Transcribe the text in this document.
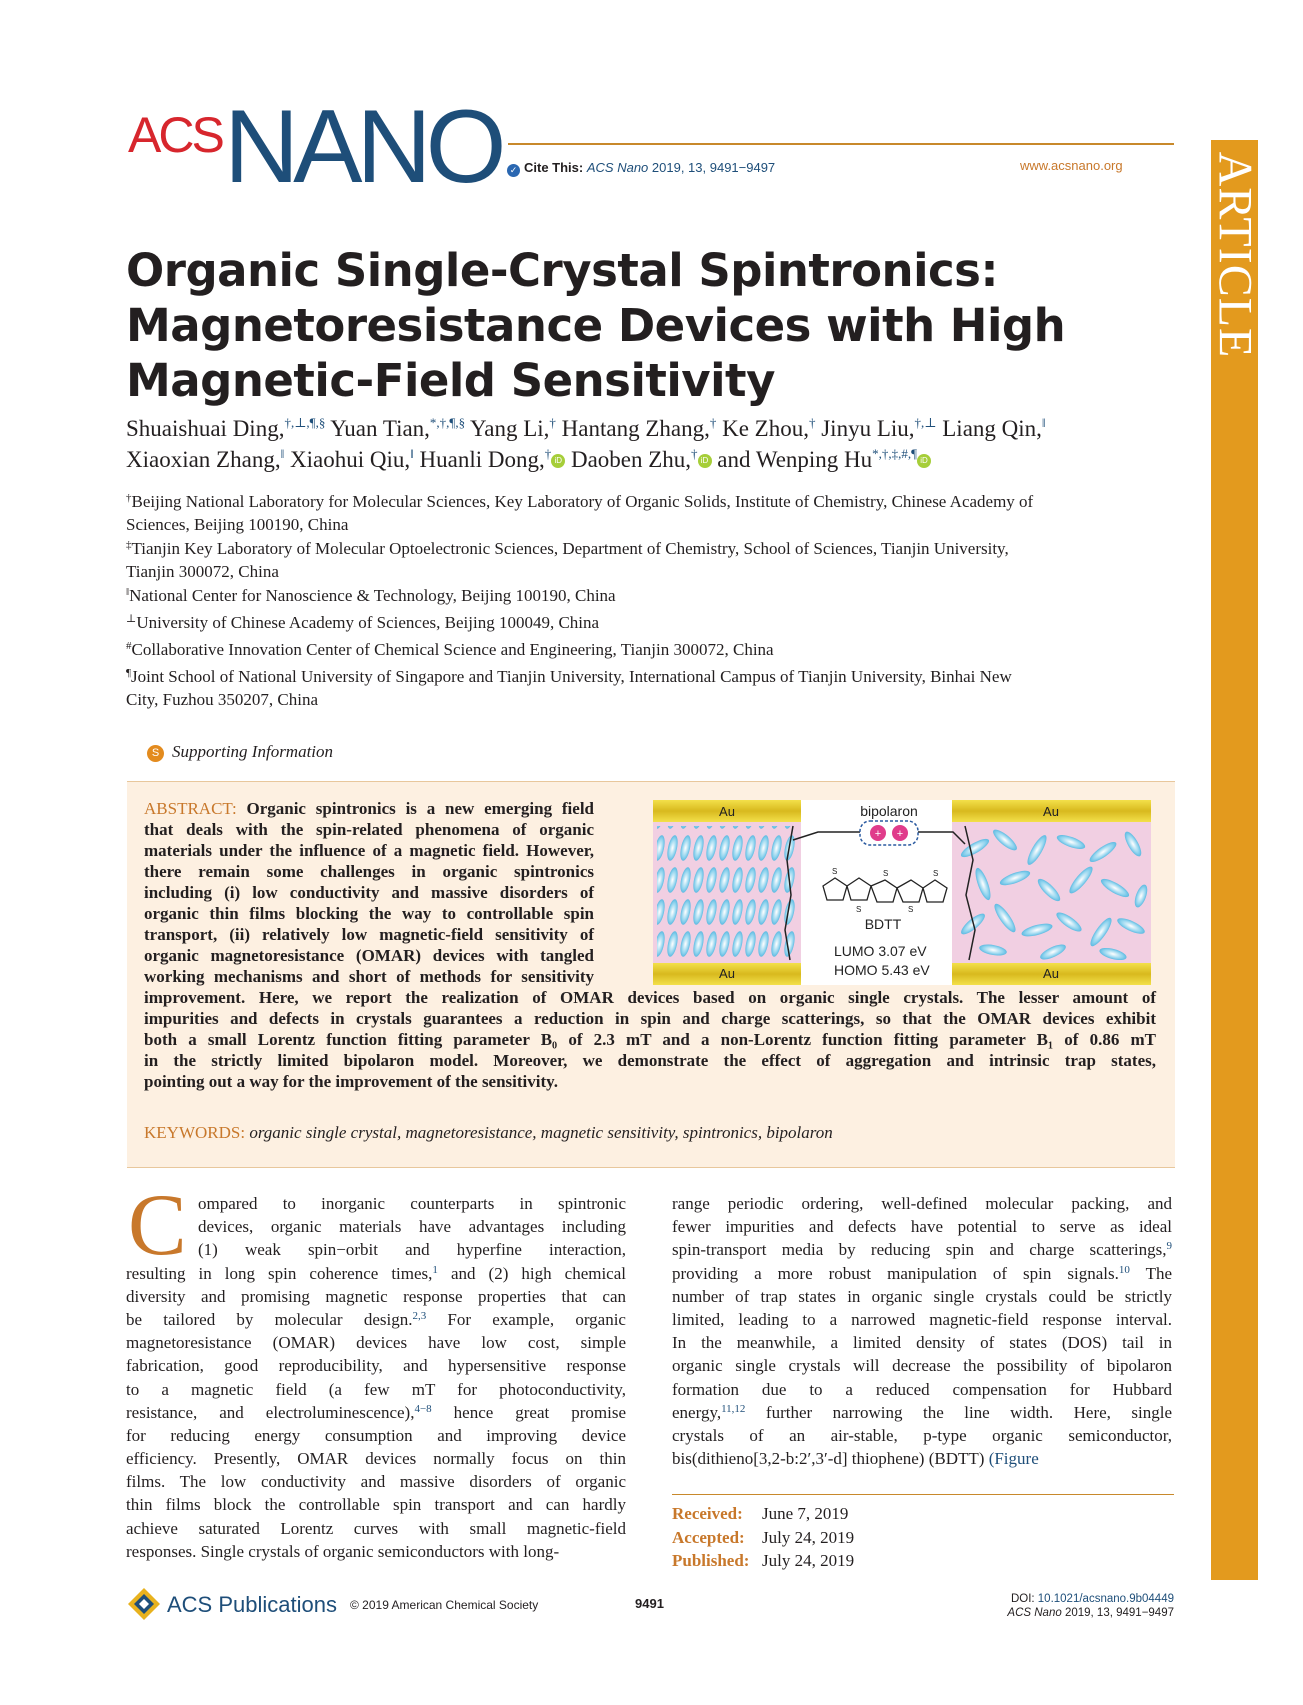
ACS NANO	✓ Cite This: ACS Nano 2019, 13, 9491−9497	www.acsnano.org ARTICLE
Organic Single-Crystal Spintronics:
Magnetoresistance Devices with High
Magnetic-Field Sensitivity
Shuaishuai Ding,†,⊥,¶,§ Yuan Tian,*,†,¶,§ Yang Li,† Hantang Zhang,† Ke Zhou,† Jinyu Liu,†,⊥ Liang Qin,‖
Xiaoxian Zhang,‖ Xiaohui Qiu,‖ Huanli Dong,† iD Daoben Zhu,† iD and Wenping Hu*,†,‡,#,¶ iD
†Beijing National Laboratory for Molecular Sciences, Key Laboratory of Organic Solids, Institute of Chemistry, Chinese Academy of
Sciences, Beijing 100190, China
‡Tianjin Key Laboratory of Molecular Optoelectronic Sciences, Department of Chemistry, School of Sciences, Tianjin University,
Tianjin 300072, China
‖National Center for Nanoscience & Technology, Beijing 100190, China
⊥University of Chinese Academy of Sciences, Beijing 100049, China
#Collaborative Innovation Center of Chemical Science and Engineering, Tianjin 300072, China
¶Joint School of National University of Singapore and Tianjin University, International Campus of Tianjin University, Binhai New
City, Fuzhou 350207, China
S Supporting Information
ABSTRACT: Organic spintronics is a new emerging field
that deals with the spin-related phenomena of organic
materials under the influence of a magnetic field. However,
there remain some challenges in organic spintronics
including (i) low conductivity and massive disorders of
organic thin films blocking the way to controllable spin
transport, (ii) relatively low magnetic-field sensitivity of
organic magnetoresistance (OMAR) devices with tangled
working mechanisms and short of methods for sensitivity
improvement. Here, we report the realization of OMAR devices based on organic single crystals. The lesser amount of
impurities and defects in crystals guarantees a reduction in spin and charge scatterings, so that the OMAR devices exhibit
both a small Lorentz function fitting parameter B₀ of 2.3 mT and a non-Lorentz function fitting parameter B₁ of 0.86 mT
in the strictly limited bipolaron model. Moreover, we demonstrate the effect of aggregation and intrinsic trap states,
pointing out a way for the improvement of the sensitivity.
KEYWORDS: organic single crystal, magnetoresistance, magnetic sensitivity, spintronics, bipolaron
+ +
S
S
S
S
S
Au
Au
Au
Au
bipolaron
BDTT
LUMO 3.07 eV
HOMO 5.43 eV
C ompared to inorganic counterparts in spintronic
devices, organic materials have advantages including
(1) weak spin−orbit and hyperfine interaction,
resulting in long spin coherence times,$^1$ and (2) high chemical
diversity and promising magnetic response properties that can
be tailored by molecular design.$^{2,3}$ For example, organic
magnetoresistance (OMAR) devices have low cost, simple
fabrication, good reproducibility, and hypersensitive response
to a magnetic field (a few mT for photoconductivity,
resistance, and electroluminescence),$^{4-8}$ hence great promise
for reducing energy consumption and improving device
efficiency. Presently, OMAR devices normally focus on thin
films. The low conductivity and massive disorders of organic
thin films block the controllable spin transport and can hardly
achieve saturated Lorentz curves with small magnetic-field
responses. Single crystals of organic semiconductors with long-
range periodic ordering, well-defined molecular packing, and
fewer impurities and defects have potential to serve as ideal
spin-transport media by reducing spin and charge scatterings,$^9$
providing a more robust manipulation of spin signals.$^{10}$ The
number of trap states in organic single crystals could be strictly
limited, leading to a narrowed magnetic-field response interval.
In the meanwhile, a limited density of states (DOS) tail in
organic single crystals will decrease the possibility of bipolaron
formation due to a reduced compensation for Hubbard
energy,$^{11,12}$ further narrowing the line width. Here, single
crystals of an air-stable, p-type organic semiconductor,
bis(dithieno[3,2-b:2′,3′-d] thiophene) (BDTT) (Figure
Received: June 7, 2019
Accepted: July 24, 2019
Published: July 24, 2019
ACS Publications © 2019 American Chemical Society	9491	DOI: 10.1021/acsnano.9b04449
ACS Nano 2019, 13, 9491−9497
